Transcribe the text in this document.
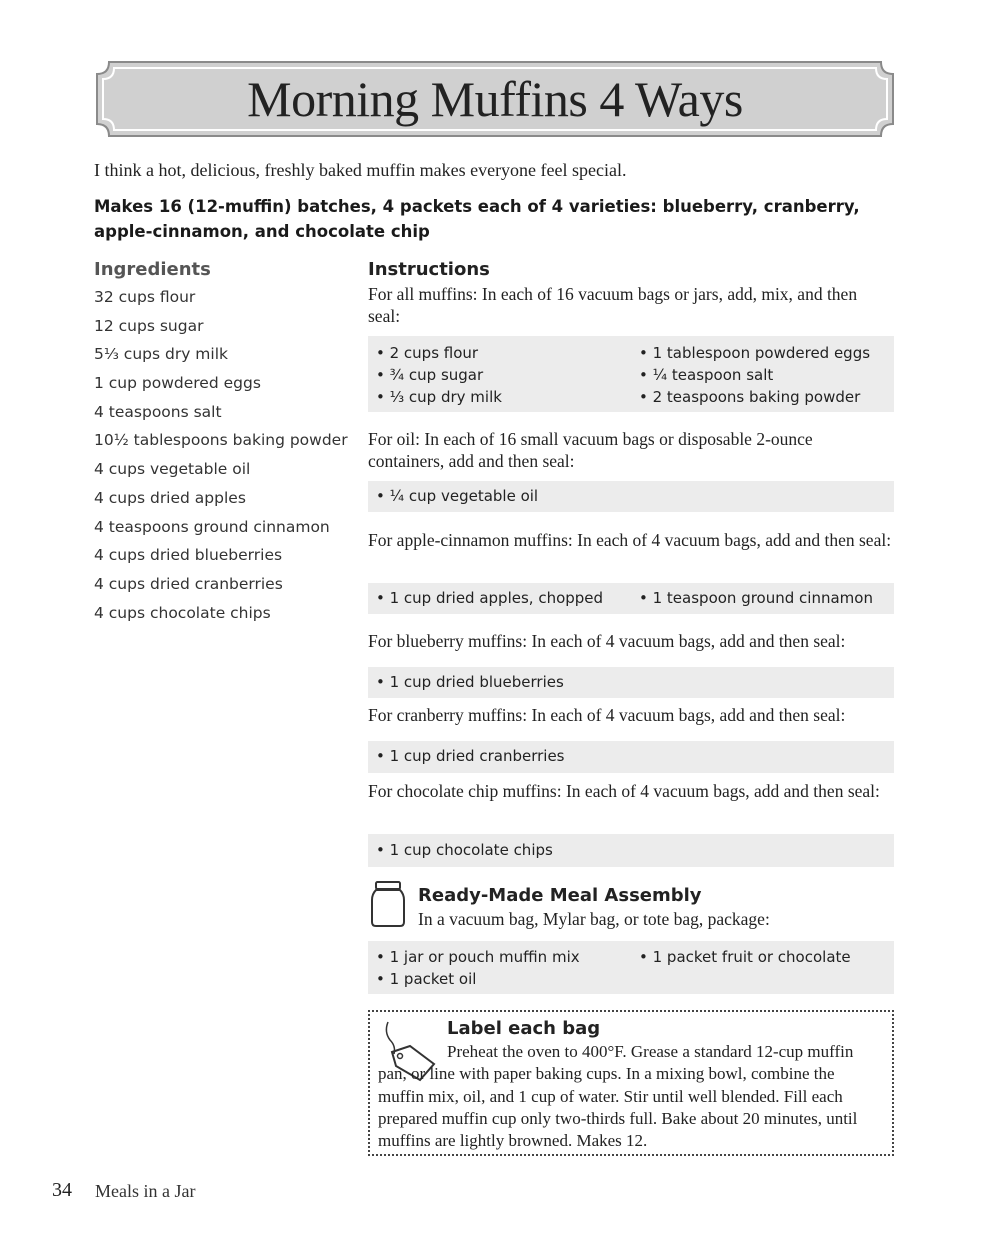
Morning Muffins 4 Ways
I think a hot, delicious, freshly baked muffin makes everyone feel special.
Makes 16 (12-muffin) batches, 4 packets each of 4 varieties: blueberry, cranberry, apple-cinnamon, and chocolate chip
Ingredients
32 cups flour
12 cups sugar
5⅓ cups dry milk
1 cup powdered eggs
4 teaspoons salt
10½ tablespoons baking powder
4 cups vegetable oil
4 cups dried apples
4 teaspoons ground cinnamon
4 cups dried blueberries
4 cups dried cranberries
4 cups chocolate chips
Instructions
For all muffins: In each of 16 vacuum bags or jars, add, mix, and then seal:
• 2 cups flour	• 1 tablespoon powdered eggs
• ¾ cup sugar	• ¼ teaspoon salt
• ⅓ cup dry milk	• 2 teaspoons baking powder
For oil: In each of 16 small vacuum bags or disposable 2-ounce containers, add and then seal:
• ¼ cup vegetable oil
For apple-cinnamon muffins: In each of 4 vacuum bags, add and then seal:
• 1 cup dried apples, chopped	• 1 teaspoon ground cinnamon
For blueberry muffins: In each of 4 vacuum bags, add and then seal:
• 1 cup dried blueberries
For cranberry muffins: In each of 4 vacuum bags, add and then seal:
• 1 cup dried cranberries
For chocolate chip muffins: In each of 4 vacuum bags, add and then seal:
• 1 cup chocolate chips
Ready-Made Meal Assembly
In a vacuum bag, Mylar bag, or tote bag, package:
• 1 jar or pouch muffin mix	• 1 packet fruit or chocolate
• 1 packet oil
Label each bag
Preheat the oven to 400°F. Grease a standard 12-cup muffin pan, or line with paper baking cups. In a mixing bowl, combine the muffin mix, oil, and 1 cup of water. Stir until well blended. Fill each prepared muffin cup only two-thirds full. Bake about 20 minutes, until muffins are lightly browned. Makes 12.
34 Meals in a Jar
